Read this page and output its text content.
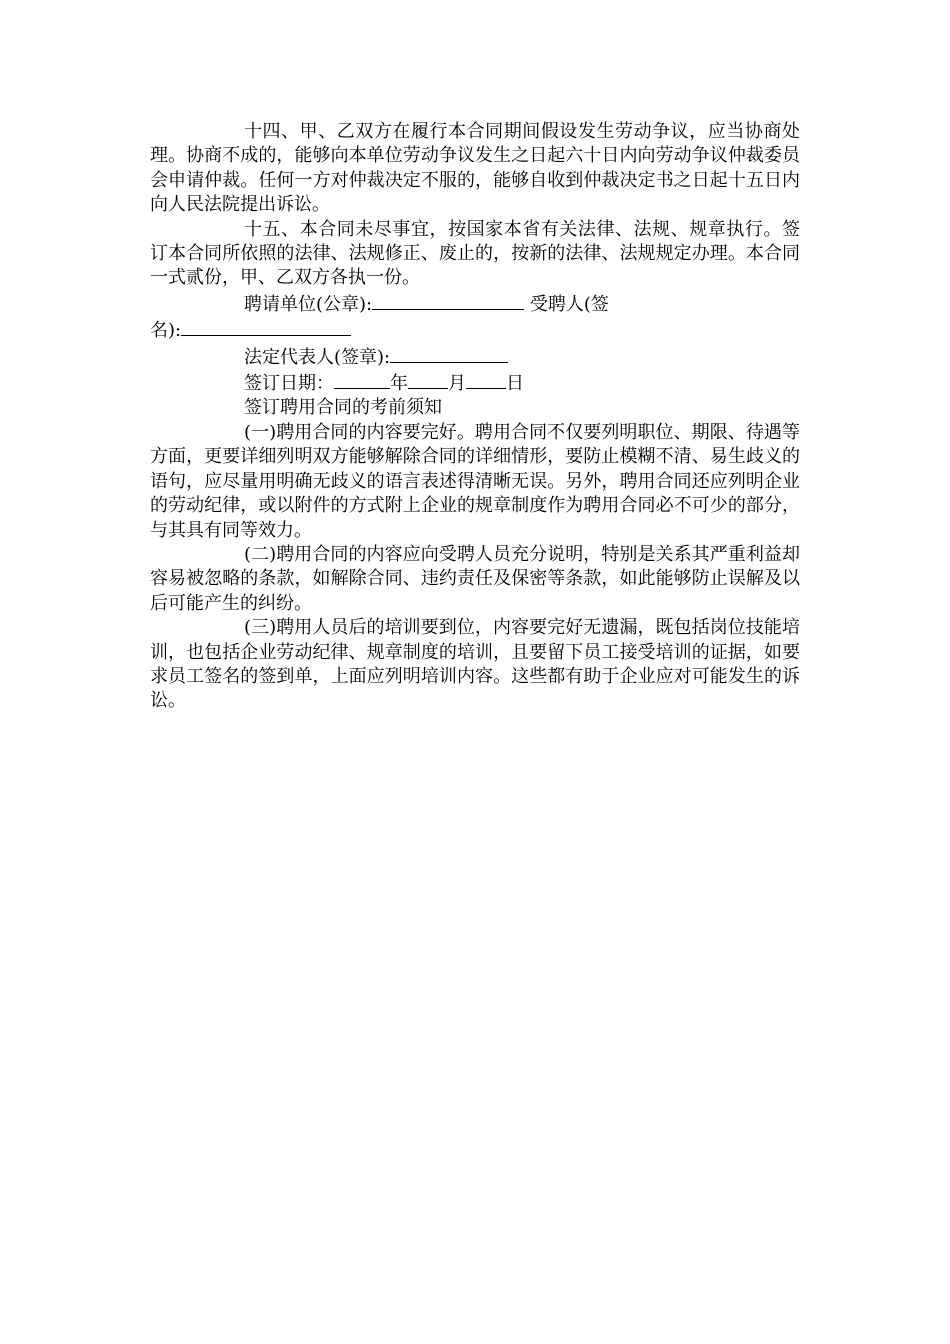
十四、甲、乙双方在履行本合同期间假设发生劳动争议，应当协商处理。协商不成的，能够向本单位劳动争议发生之日起六十日内向劳动争议仲裁委员会申请仲裁。任何一方对仲裁决定不服的，能够自收到仲裁决定书之日起十五日内向人民法院提出诉讼。

十五、本合同未尽事宜，按国家本省有关法律、法规、规章执行。签订本合同所依照的法律、法规修正、废止的，按新的法律、法规规定办理。本合同一式贰份，甲、乙双方各执一份。

聘请单位(公章):	受聘人(签

名):

法定代表人(签章):

签订日期：	年 月 日

签订聘用合同的考前须知

(一)聘用合同的内容要完好。聘用合同不仅要列明职位、期限、待遇等方面，更要详细列明双方能够解除合同的详细情形，要防止模糊不清、易生歧义的语句，应尽量用明确无歧义的语言表述得清晰无误。另外，聘用合同还应列明企业的劳动纪律，或以附件的方式附上企业的规章制度作为聘用合同必不可少的部分，与其具有同等效力。

(二)聘用合同的内容应向受聘人员充分说明，特别是关系其严重利益却容易被忽略的条款，如解除合同、违约责任及保密等条款，如此能够防止误解及以后可能产生的纠纷。

(三)聘用人员后的培训要到位，内容要完好无遗漏，既包括岗位技能培训，也包括企业劳动纪律、规章制度的培训，且要留下员工接受培训的证据，如要求员工签名的签到单，上面应列明培训内容。这些都有助于企业应对可能发生的诉讼。
